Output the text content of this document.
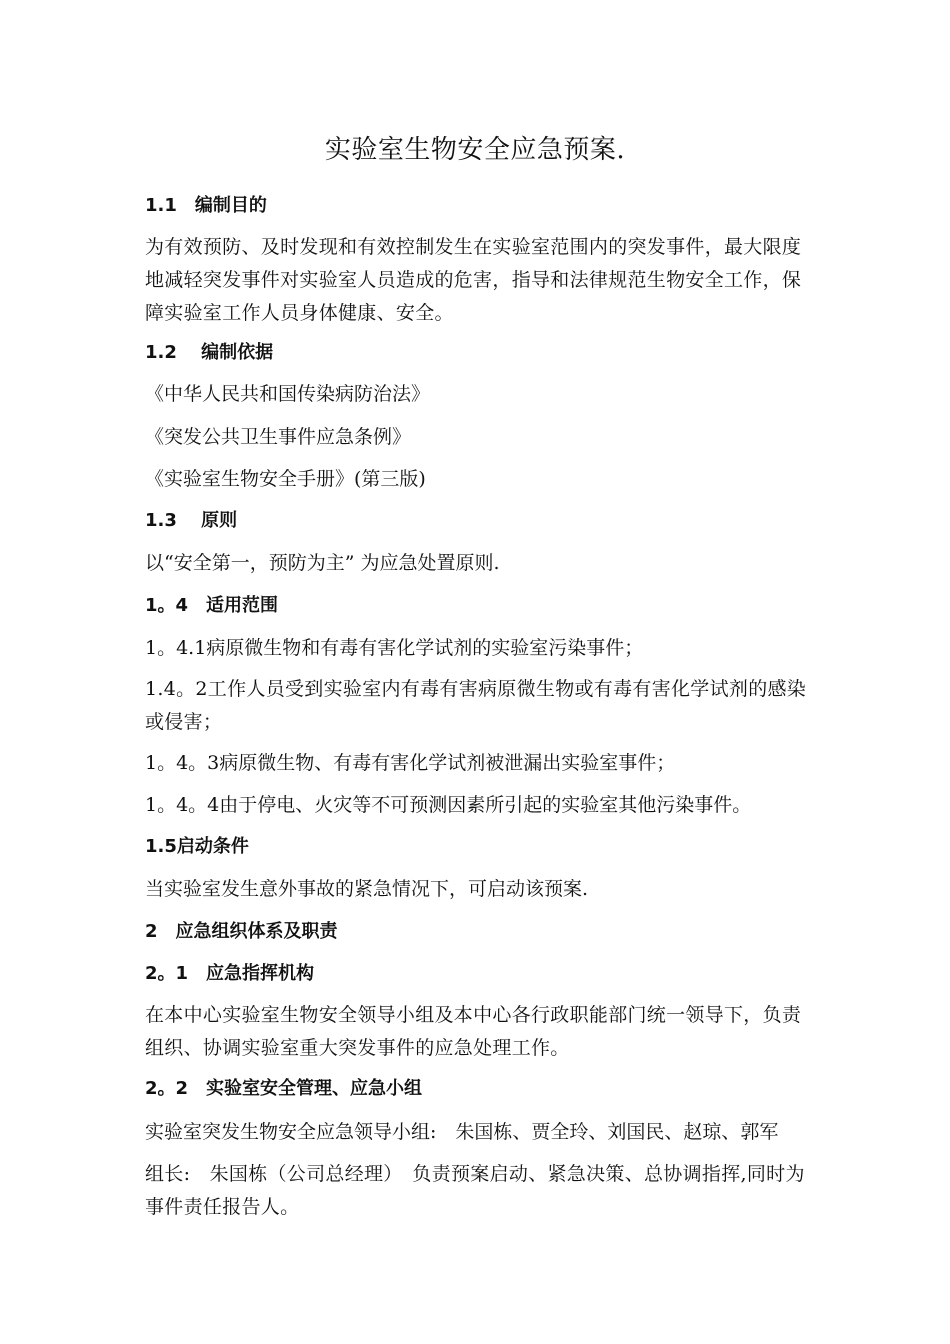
实验室生物安全应急预案.
1.1　编制目的
为有效预防、及时发现和有效控制发生在实验室范围内的突发事件，最大限度地减轻突发事件对实验室人员造成的危害，指导和法律规范生物安全工作，保障实验室工作人员身体健康、安全。
1.2　 编制依据
《中华人民共和国传染病防治法》
《突发公共卫生事件应急条例》
《实验室生物安全手册》(第三版)
1.3　 原则
以“安全第一，预防为主” 为应急处置原则.
1。4　适用范围
1。4.1病原微生物和有毒有害化学试剂的实验室污染事件；
1.4。2工作人员受到实验室内有毒有害病原微生物或有毒有害化学试剂的感染或侵害；
1。4。3病原微生物、有毒有害化学试剂被泄漏出实验室事件；
1。4。4由于停电、火灾等不可预测因素所引起的实验室其他污染事件。
1.5启动条件
当实验室发生意外事故的紧急情况下，可启动该预案.
2　应急组织体系及职责
2。1　应急指挥机构
在本中心实验室生物安全领导小组及本中心各行政职能部门统一领导下，负责组织、协调实验室重大突发事件的应急处理工作。
2。2　实验室安全管理、应急小组
实验室突发生物安全应急领导小组:　朱国栋、贾全玲、刘国民、赵琼、郭军
组长:　朱国栋（公司总经理）　负责预案启动、紧急决策、总协调指挥,同时为事件责任报告人。
